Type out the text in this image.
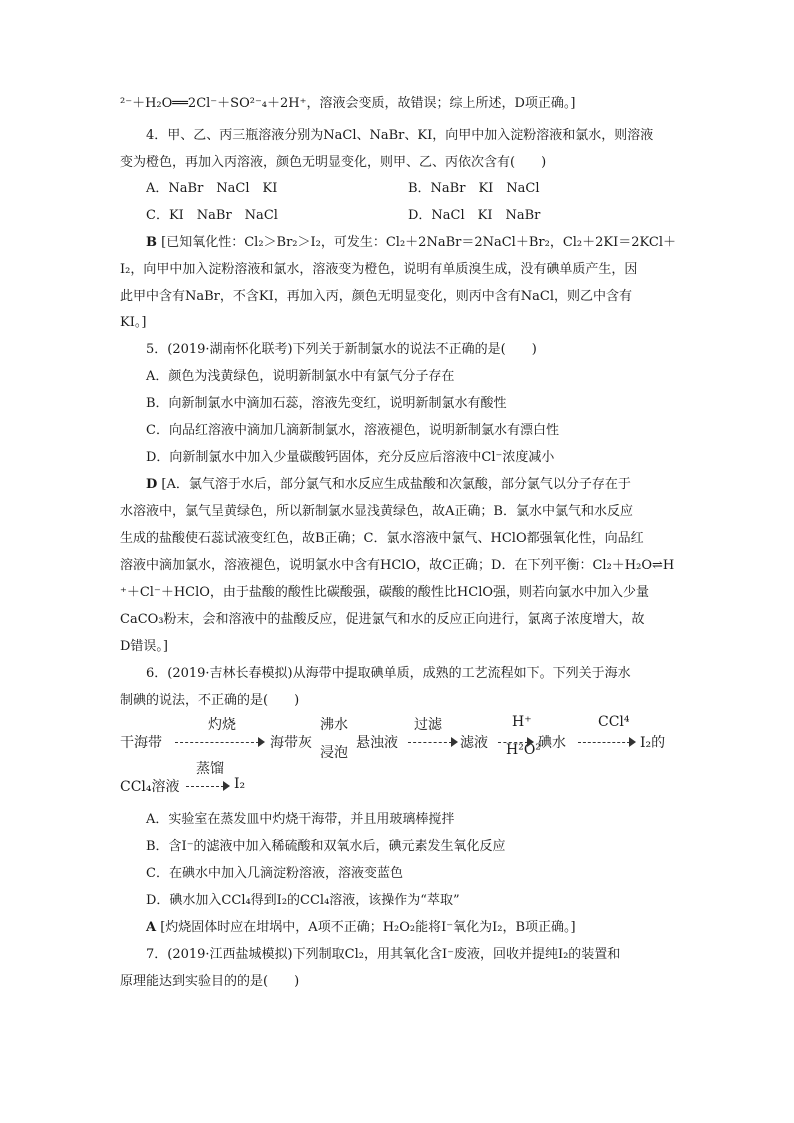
²⁻＋H₂O══2Cl⁻＋SO²⁻₄＋2H⁺，溶液会变质，故错误；综上所述，D项正确。]
4．甲、乙、丙三瓶溶液分别为NaCl、NaBr、KI，向甲中加入淀粉溶液和氯水，则溶液
变为橙色，再加入丙溶液，颜色无明显变化，则甲、乙、丙依次含有(　　)
A．NaBr　NaCl　KI	B．NaBr　KI　NaCl
C．KI　NaBr　NaCl	D．NaCl　KI　NaBr
B [已知氧化性：Cl₂＞Br₂＞I₂，可发生：Cl₂＋2NaBr＝2NaCl＋Br₂，Cl₂＋2KI＝2KCl＋
I₂，向甲中加入淀粉溶液和氯水，溶液变为橙色，说明有单质溴生成，没有碘单质产生，因
此甲中含有NaBr，不含KI，再加入丙，颜色无明显变化，则丙中含有NaCl，则乙中含有
KI。]
5．(2019·湖南怀化联考)下列关于新制氯水的说法不正确的是(　　)
A．颜色为浅黄绿色，说明新制氯水中有氯气分子存在
B．向新制氯水中滴加石蕊，溶液先变红，说明新制氯水有酸性
C．向品红溶液中滴加几滴新制氯水，溶液褪色，说明新制氯水有漂白性
D．向新制氯水中加入少量碳酸钙固体，充分反应后溶液中Cl⁻浓度减小
D [A．氯气溶于水后，部分氯气和水反应生成盐酸和次氯酸，部分氯气以分子存在于
水溶液中，氯气呈黄绿色，所以新制氯水显浅黄绿色，故A正确；B．氯水中氯气和水反应
生成的盐酸使石蕊试液变红色，故B正确；C．氯水溶液中氯气、HClO都强氧化性，向品红
溶液中滴加氯水，溶液褪色，说明氯水中含有HClO，故C正确；D．在下列平衡：Cl₂＋H₂O⇌H
⁺＋Cl⁻＋HClO，由于盐酸的酸性比碳酸强，碳酸的酸性比HClO强，则若向氯水中加入少量
CaCO₃粉末，会和溶液中的盐酸反应，促进氯气和水的反应正向进行，氯离子浓度增大，故
D错误。]
6．(2019·吉林长春模拟)从海带中提取碘单质，成熟的工艺流程如下。下列关于海水
制碘的说法，不正确的是(　　)
干海带
灼烧
海带灰
沸水
浸泡
悬浊液
过滤
滤液
H⁺
H²O²
碘水
CCl⁴
I₂的
CCl₄溶液
蒸馏
I₂
A．实验室在蒸发皿中灼烧干海带，并且用玻璃棒搅拌
B．含I⁻的滤液中加入稀硫酸和双氧水后，碘元素发生氧化反应
C．在碘水中加入几滴淀粉溶液，溶液变蓝色
D．碘水加入CCl₄得到I₂的CCl₄溶液，该操作为“萃取”
A [灼烧固体时应在坩埚中，A项不正确；H₂O₂能将I⁻氧化为I₂，B项正确。]
7．(2019·江西盐城模拟)下列制取Cl₂，用其氧化含I⁻废液，回收并提纯I₂的装置和
原理能达到实验目的的是(　　)
